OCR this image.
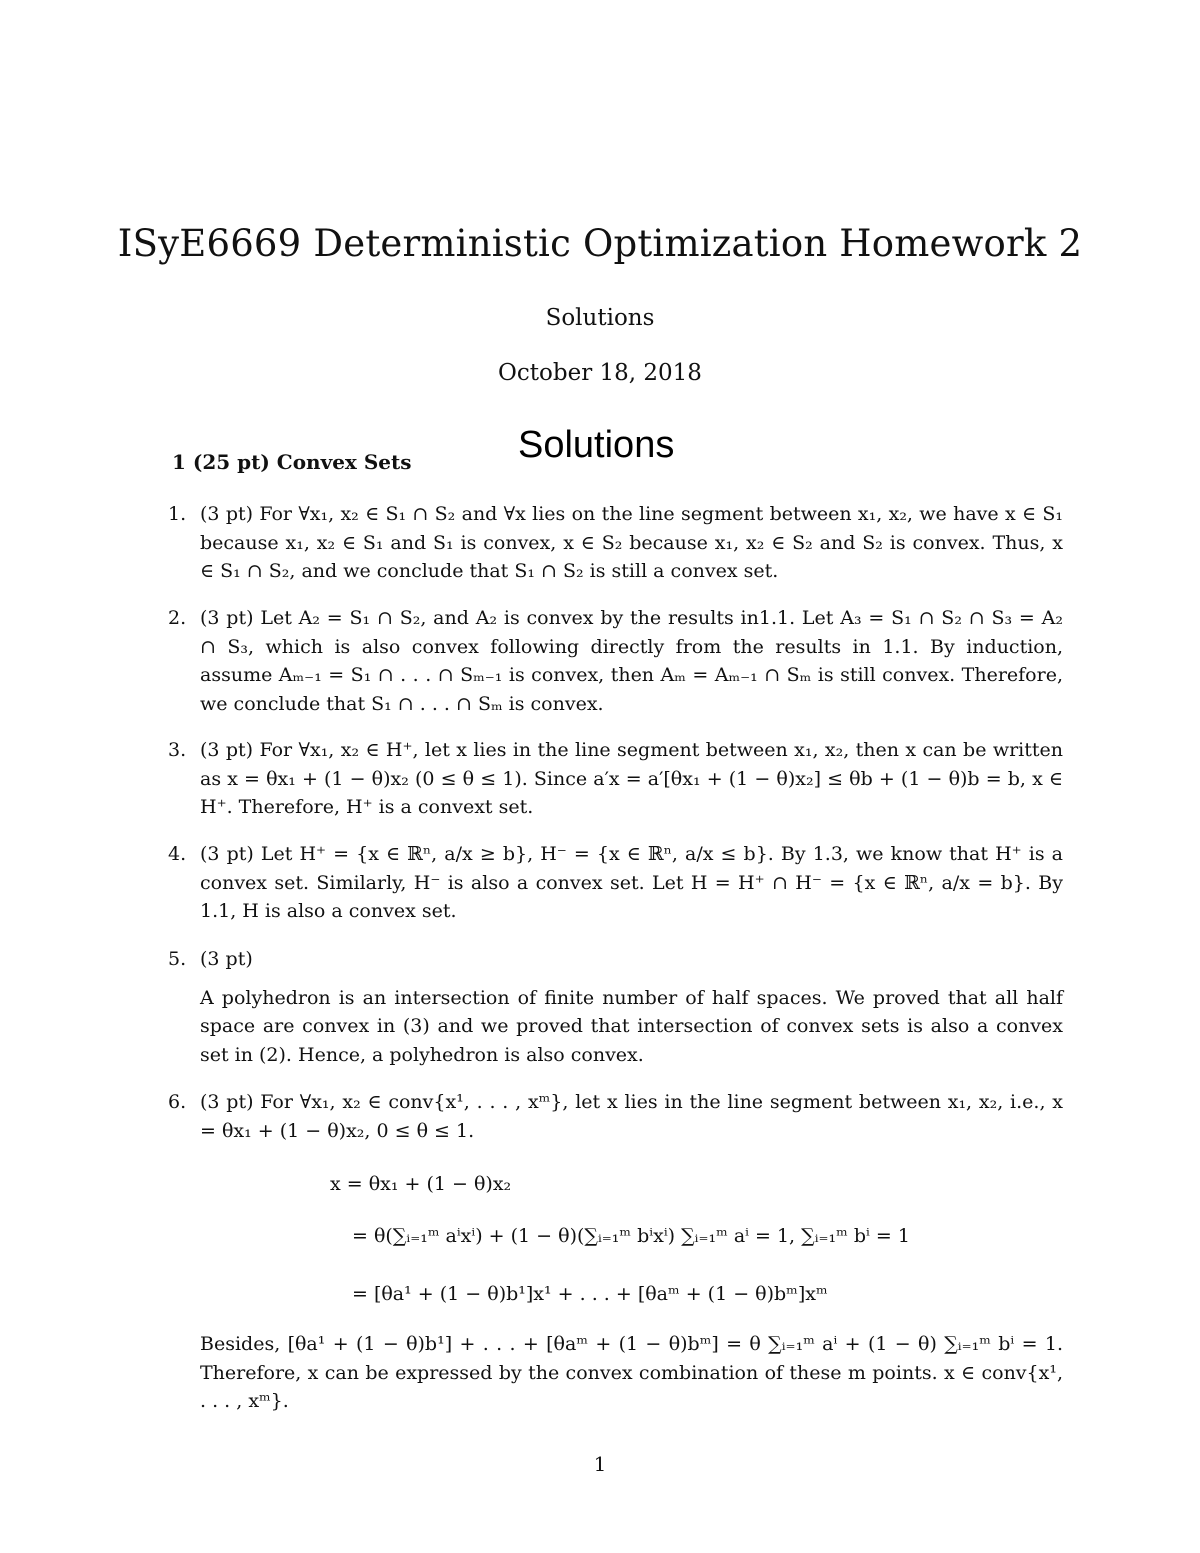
ISyE6669 Deterministic Optimization Homework 2
Solutions
October 18, 2018
Solutions
1 (25 pt) Convex Sets
1. (3 pt) For ∀x₁, x₂ ∈ S₁ ∩ S₂ and ∀x lies on the line segment between x₁, x₂, we have x ∈ S₁ because x₁, x₂ ∈ S₁ and S₁ is convex, x ∈ S₂ because x₁, x₂ ∈ S₂ and S₂ is convex. Thus, x ∈ S₁ ∩ S₂, and we conclude that S₁ ∩ S₂ is still a convex set.
2. (3 pt) Let A₂ = S₁ ∩ S₂, and A₂ is convex by the results in1.1. Let A₃ = S₁ ∩ S₂ ∩ S₃ = A₂ ∩ S₃, which is also convex following directly from the results in 1.1. By induction, assume Aₘ₋₁ = S₁ ∩ . . . ∩ Sₘ₋₁ is convex, then Aₘ = Aₘ₋₁ ∩ Sₘ is still convex. Therefore, we conclude that S₁ ∩ . . . ∩ Sₘ is convex.
3. (3 pt) For ∀x₁, x₂ ∈ H⁺, let x lies in the line segment between x₁, x₂, then x can be written as x = θx₁ + (1 − θ)x₂ (0 ≤ θ ≤ 1). Since a′x = a′[θx₁ + (1 − θ)x₂] ≤ θb + (1 − θ)b = b, x ∈ H⁺. Therefore, H⁺ is a convext set.
4. (3 pt) Let H⁺ = {x ∈ ℝⁿ, a/x ≥ b}, H⁻ = {x ∈ ℝⁿ, a/x ≤ b}. By 1.3, we know that H⁺ is a convex set. Similarly, H⁻ is also a convex set. Let H = H⁺ ∩ H⁻ = {x ∈ ℝⁿ, a/x = b}. By 1.1, H is also a convex set.
5. (3 pt)
A polyhedron is an intersection of finite number of half spaces. We proved that all half space are convex in (3) and we proved that intersection of convex sets is also a convex set in (2). Hence, a polyhedron is also convex.
6. (3 pt) For ∀x₁, x₂ ∈ conv{x¹, . . . , xᵐ}, let x lies in the line segment between x₁, x₂, i.e., x = θx₁ + (1 − θ)x₂, 0 ≤ θ ≤ 1.
x = θx₁ + (1 − θ)x₂
= θ(∑ᵢ₌₁ᵐ aⁱxⁱ) + (1 − θ)(∑ᵢ₌₁ᵐ bⁱxⁱ) ∑ᵢ₌₁ᵐ aⁱ = 1, ∑ᵢ₌₁ᵐ bⁱ = 1
= [θa¹ + (1 − θ)b¹]x¹ + . . . + [θaᵐ + (1 − θ)bᵐ]xᵐ
Besides, [θa¹ + (1 − θ)b¹] + . . . + [θaᵐ + (1 − θ)bᵐ] = θ ∑ᵢ₌₁ᵐ aⁱ + (1 − θ) ∑ᵢ₌₁ᵐ bⁱ = 1. Therefore, x can be expressed by the convex combination of these m points. x ∈ conv{x¹, . . . , xᵐ}.
1
